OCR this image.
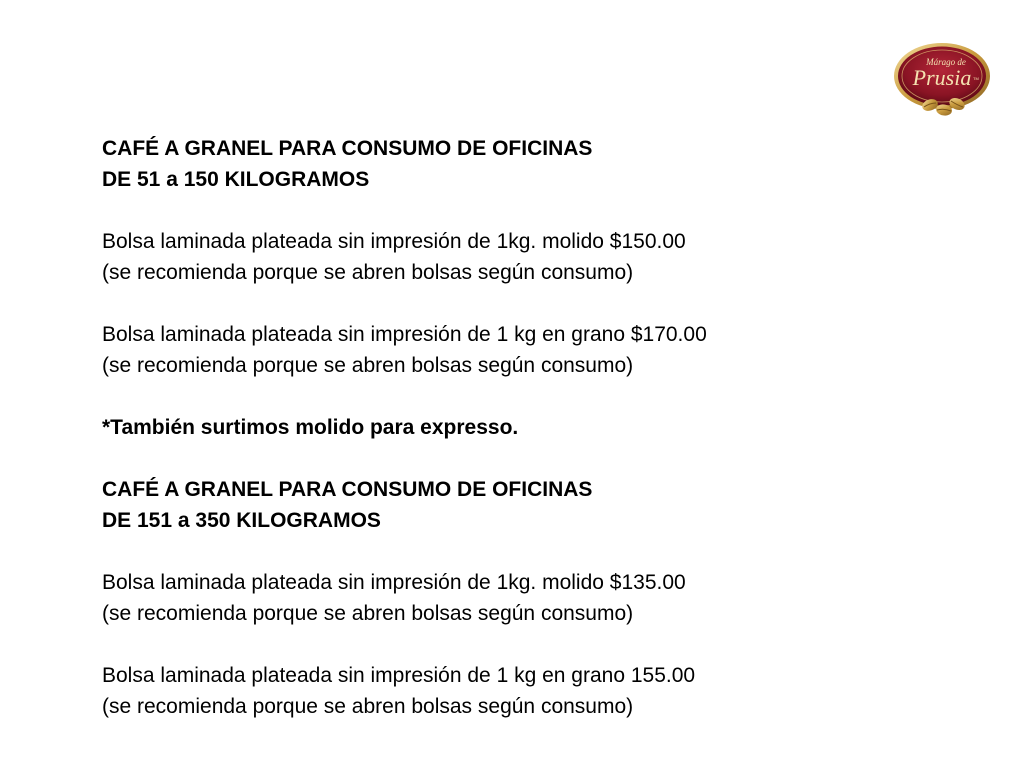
Márago de
Prusia TM
CAFÉ A GRANEL PARA CONSUMO DE OFICINAS
DE 51 a 150 KILOGRAMOS
Bolsa laminada plateada sin impresión de 1kg. molido $150.00
(se recomienda porque se abren bolsas según consumo)
Bolsa laminada plateada sin impresión de 1 kg en grano $170.00
(se recomienda porque se abren bolsas según consumo)
*También surtimos molido para expresso.
CAFÉ A GRANEL PARA CONSUMO DE OFICINAS
DE 151 a 350 KILOGRAMOS
Bolsa laminada plateada sin impresión de 1kg. molido $135.00
(se recomienda porque se abren bolsas según consumo)
Bolsa laminada plateada sin impresión de 1 kg en grano 155.00
(se recomienda porque se abren bolsas según consumo)
